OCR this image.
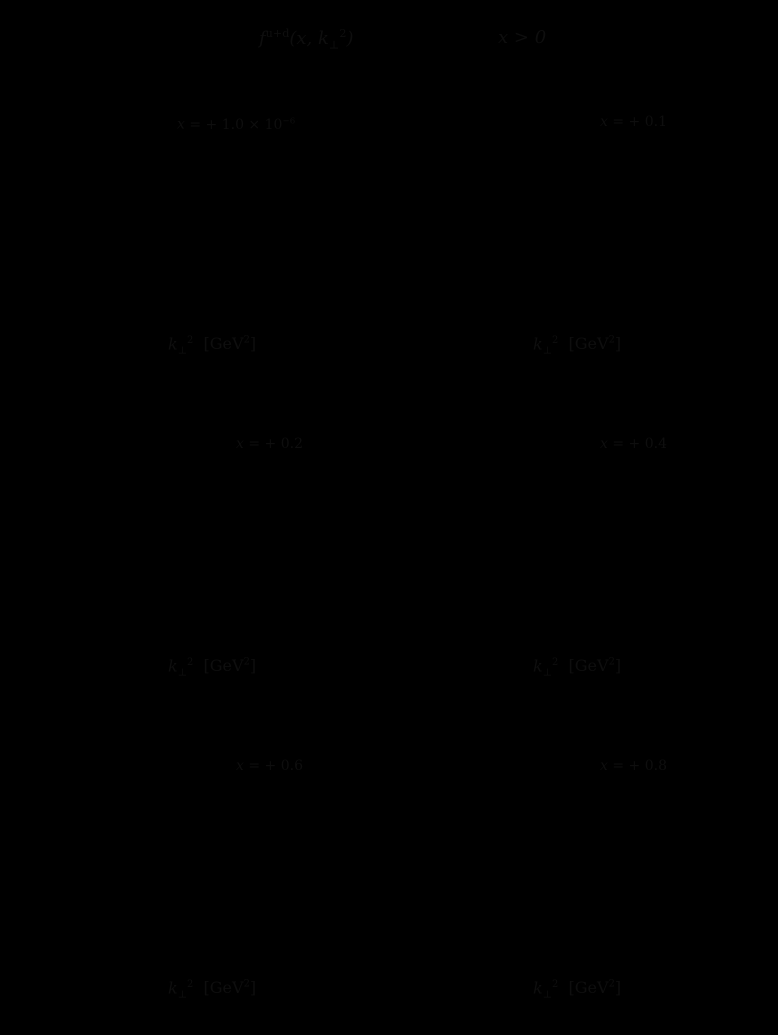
$f^{u+d}(x$, $k_\perp^2$)	x > 0
x = + $1.0 \times 10^{-6}$	x = + 0.1
x = + 0.2	x = + 0.4
x = + 0.6	x = + 0.8
$k_\perp^2$ [GeV$^2$]	$k_\perp^2$ [GeV$^2$]
$k_\perp^2$ [GeV$^2$]	$k_\perp^2$ [GeV$^2$]
$k_\perp^2$ [GeV$^2$]	$k_\perp^2$ [GeV$^2$]
